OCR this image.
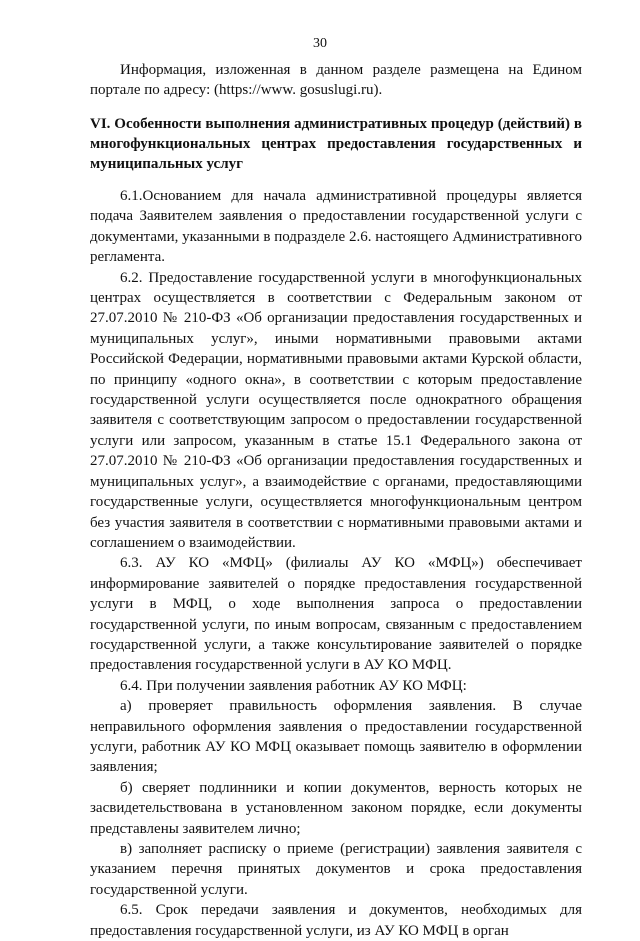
30

Информация, изложенная в данном разделе размещена на Едином портале по адресу: (https://www. gosuslugi.ru).

VI. Особенности выполнения административных процедур (действий) в многофункциональных центрах предоставления государственных и муниципальных услуг

6.1.Основанием для начала административной процедуры является подача Заявителем заявления о предоставлении государственной услуги с документами, указанными в подразделе 2.6. настоящего Административного регламента.

6.2. Предоставление государственной услуги в многофункциональных центрах осуществляется в соответствии с Федеральным законом от 27.07.2010 № 210-ФЗ «Об организации предоставления государственных и муниципальных услуг», иными нормативными правовыми актами Российской Федерации, нормативными правовыми актами Курской области, по принципу «одного окна», в соответствии с которым предоставление государственной услуги осуществляется после однократного обращения заявителя с соответствующим запросом о предоставлении государственной услуги или запросом, указанным в статье 15.1 Федерального закона от 27.07.2010 № 210-ФЗ «Об организации предоставления государственных и муниципальных услуг», а взаимодействие с органами, предоставляющими государственные услуги, осуществляется многофункциональным центром без участия заявителя в соответствии с нормативными правовыми актами и соглашением о взаимодействии.

6.3. АУ КО «МФЦ» (филиалы АУ КО «МФЦ») обеспечивает информирование заявителей о порядке предоставления государственной услуги в МФЦ, о ходе выполнения запроса о предоставлении государственной услуги, по иным вопросам, связанным с предоставлением государственной услуги, а также консультирование заявителей о порядке предоставления государственной услуги в АУ КО МФЦ.

6.4. При получении заявления работник АУ КО МФЦ:

а) проверяет правильность оформления заявления. В случае неправильного оформления заявления о предоставлении государственной услуги, работник АУ КО МФЦ оказывает помощь заявителю в оформлении заявления;

б) сверяет подлинники и копии документов, верность которых не засвидетельствована в установленном законом порядке, если документы представлены заявителем лично;

в) заполняет расписку о приеме (регистрации) заявления заявителя с указанием перечня принятых документов и срока предоставления государственной услуги.

6.5. Срок передачи заявления и документов, необходимых для предоставления государственной услуги, из АУ КО МФЦ в орган
